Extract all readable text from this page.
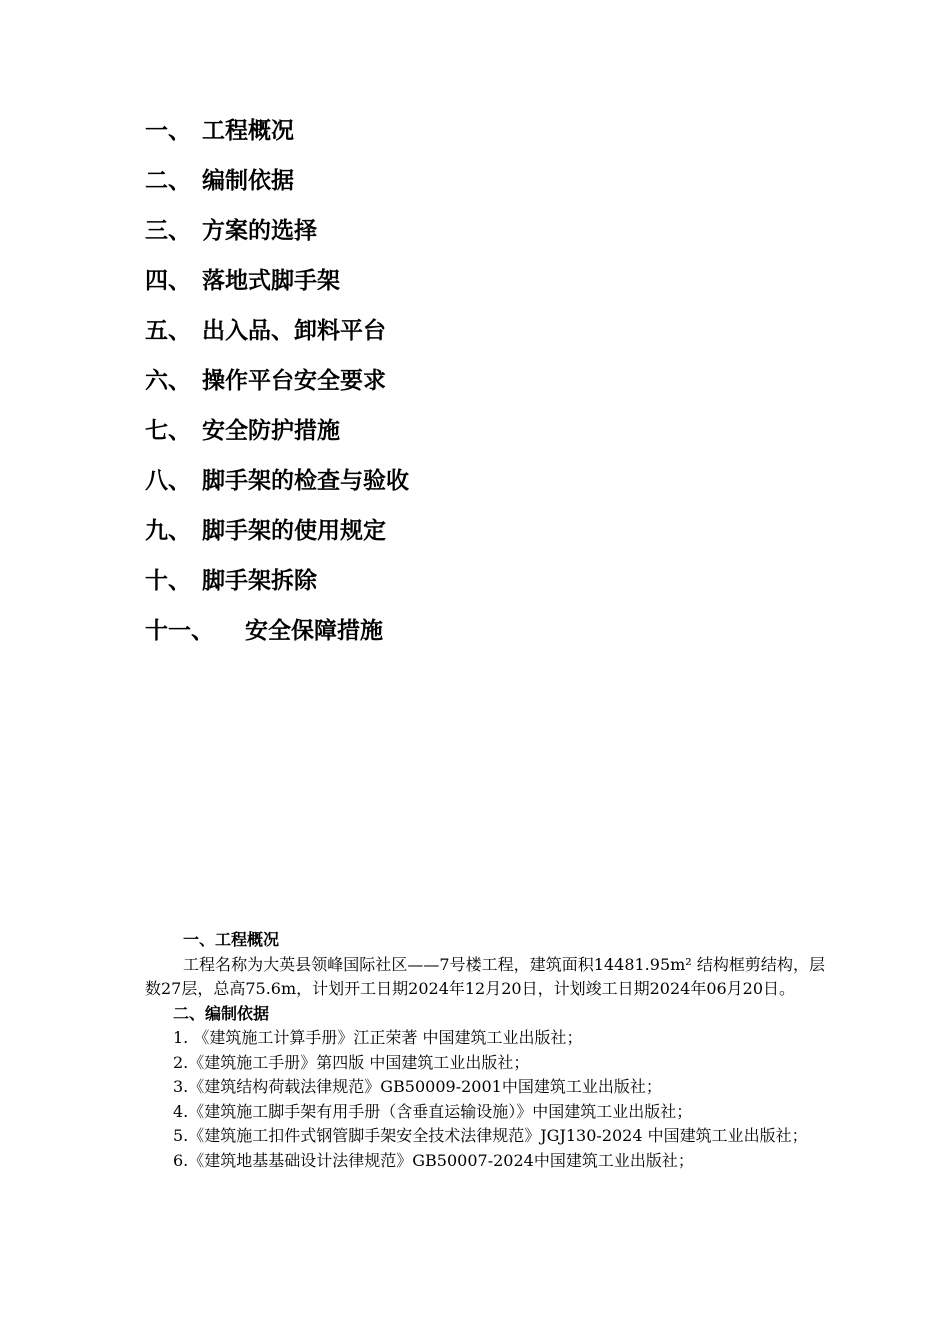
一、 工程概况
二、 编制依据
三、 方案的选择
四、 落地式脚手架
五、 出入品、卸料平台
六、 操作平台安全要求
七、 安全防护措施
八、 脚手架的检查与验收
九、 脚手架的使用规定
十、 脚手架拆除
十一、 安全保障措施
一、工程概况
工程名称为大英县领峰国际社区——7号楼工程，建筑面积14481.95m² 结构框剪结构，层数27层，总高75.6m，计划开工日期2024年12月20日，计划竣工日期2024年06月20日。
二、编制依据
1. 《建筑施工计算手册》江正荣著 中国建筑工业出版社；
2.《建筑施工手册》第四版 中国建筑工业出版社；
3.《建筑结构荷载法律规范》GB50009-2001中国建筑工业出版社；
4.《建筑施工脚手架有用手册（含垂直运输设施）》中国建筑工业出版社；
5.《建筑施工扣件式钢管脚手架安全技术法律规范》JGJ130-2024 中国建筑工业出版社；
6.《建筑地基基础设计法律规范》GB50007-2024中国建筑工业出版社；
